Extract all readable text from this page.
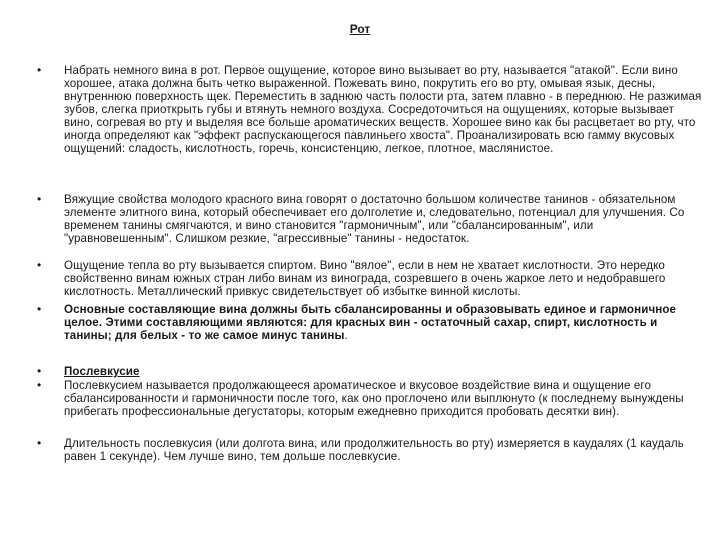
Рот
• Набрать немного вина в рот. Первое ощущение, которое вино вызывает во рту, называется "атакой". Если вино хорошее, атака должна быть четко выраженной. Пожевать вино, покрутить его во рту, омывая язык, десны, внутреннюю поверхность щек. Переместить в заднюю часть полости рта, затем плавно - в переднюю. Не разжимая зубов, слегка приоткрыть губы и втянуть немного воздуха. Сосредоточиться на ощущениях, которые вызывает вино, согревая во рту и выделяя все больше ароматических веществ. Хорошее вино как бы расцветает во рту, что иногда определяют как "эффект распускающегося павлиньего хвоста". Проанализировать всю гамму вкусовых ощущений: сладость, кислотность, горечь, консистенцию, легкое, плотное, маслянистое.
• Вяжущие свойства молодого красного вина говорят о достаточно большом количестве танинов - обязательном элементе элитного вина, который обеспечивает его долголетие и, следовательно, потенциал для улучшения. Со временем танины смягчаются, и вино становится "гармоничным", или "сбалансированным", или "уравновешенным". Слишком резкие, "агрессивные" танины - недостаток.
• Ощущение тепла во рту вызывается спиртом. Вино "вялое", если в нем не хватает кислотности. Это нередко свойственно винам южных стран либо винам из винограда, созревшего в очень жаркое лето и недобравшего кислотность. Металлический привкус свидетельствует об избытке винной кислоты.
• Основные составляющие вина должны быть сбалансированны и образовывать единое и гармоничное целое. Этими составляющими являются: для красных вин - остаточный сахар, спирт, кислотность и танины; для белых - то же самое минус танины.
• Послевкусие
• Послевкусием называется продолжающееся ароматическое и вкусовое воздействие вина и ощущение его сбалансированности и гармоничности после того, как оно проглочено или выплюнуто (к последнему вынуждены прибегать профессиональные дегустаторы, которым ежедневно приходится пробовать десятки вин).
• Длительность послевкусия (или долгота вина, или продолжительность во рту) измеряется в каудалях (1 каудаль равен 1 секунде). Чем лучше вино, тем дольше послевкусие.
